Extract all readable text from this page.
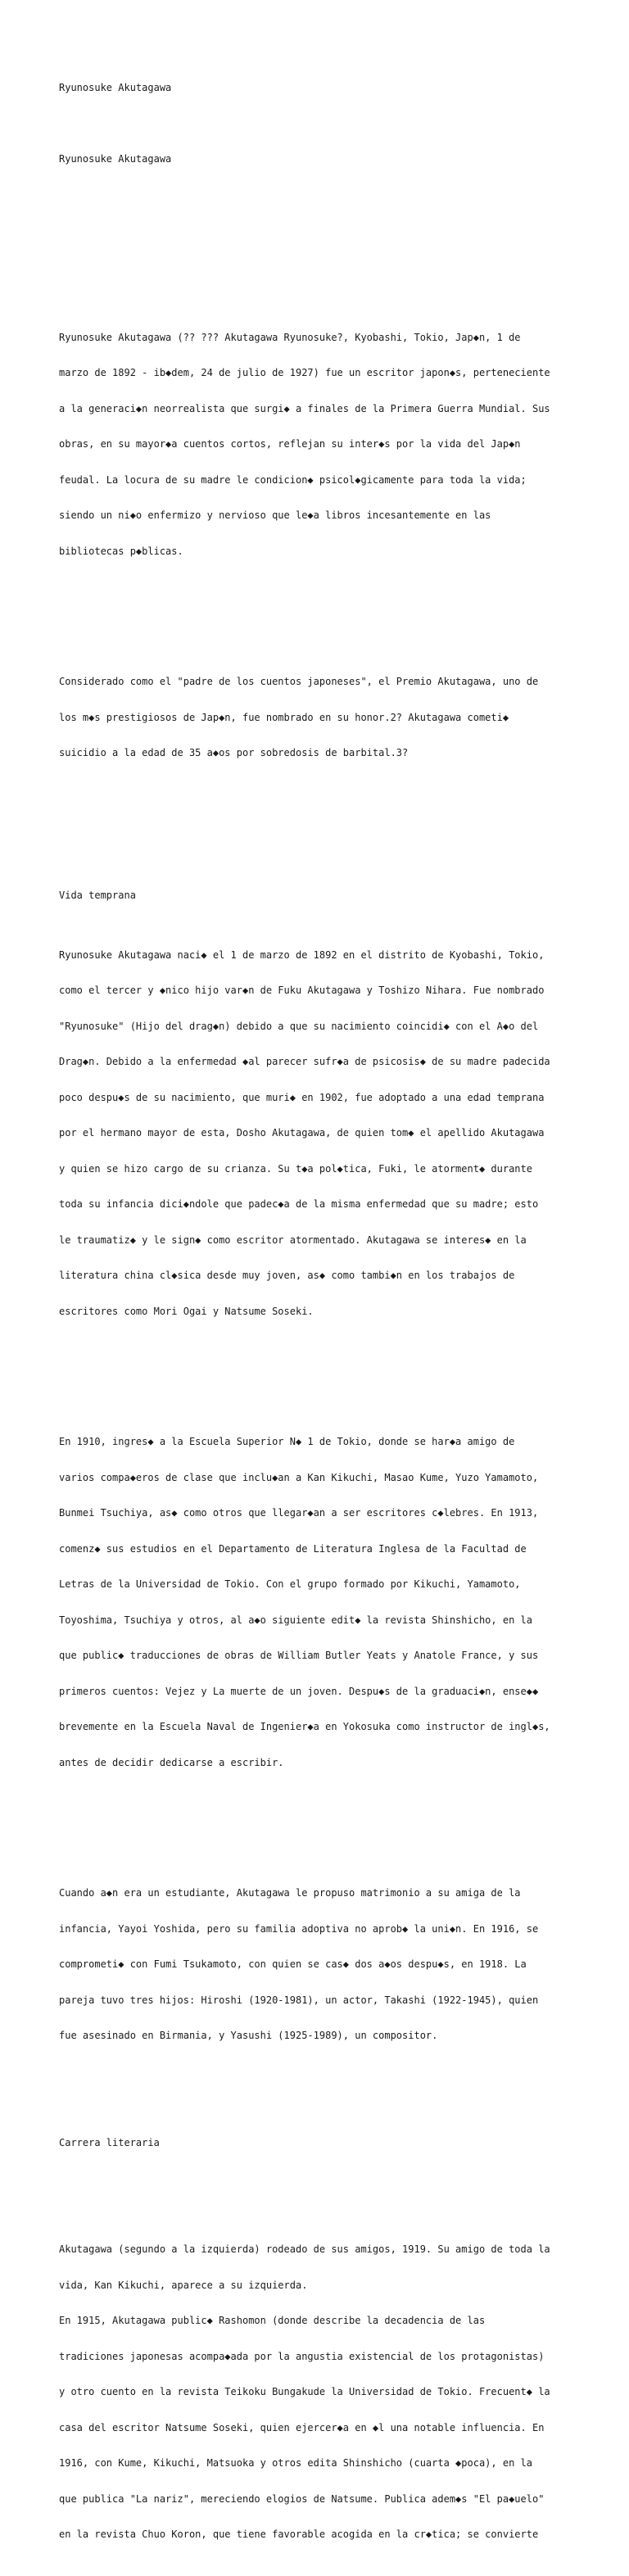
Ryunosuke Akutagawa

Ryunosuke Akutagawa

Ryunosuke Akutagawa (?? ??? Akutagawa Ryunosuke?, Kyobashi, Tokio, Jap◆n, 1 de

marzo de 1892 - ib◆dem, 24 de julio de 1927) fue un escritor japon◆s, perteneciente

a la generaci◆n neorrealista que surgi◆ a finales de la Primera Guerra Mundial. Sus

obras, en su mayor◆a cuentos cortos, reflejan su inter◆s por la vida del Jap◆n

feudal. La locura de su madre le condicion◆ psicol◆gicamente para toda la vida;

siendo un ni◆o enfermizo y nervioso que le◆a libros incesantemente en las

bibliotecas p◆blicas.

Considerado como el "padre de los cuentos japoneses", el Premio Akutagawa, uno de

los m◆s prestigiosos de Jap◆n, fue nombrado en su honor.2? Akutagawa cometi◆

suicidio a la edad de 35 a◆os por sobredosis de barbital.3?

Vida temprana

Ryunosuke Akutagawa naci◆ el 1 de marzo de 1892 en el distrito de Kyobashi, Tokio,

como el tercer y ◆nico hijo var◆n de Fuku Akutagawa y Toshizo Nihara. Fue nombrado

"Ryunosuke" (Hijo del drag◆n) debido a que su nacimiento coincidi◆ con el A◆o del

Drag◆n. Debido a la enfermedad ◆al parecer sufr◆a de psicosis◆ de su madre padecida

poco despu◆s de su nacimiento, que muri◆ en 1902, fue adoptado a una edad temprana

por el hermano mayor de esta, Dosho Akutagawa, de quien tom◆ el apellido Akutagawa

y quien se hizo cargo de su crianza. Su t◆a pol◆tica, Fuki, le atorment◆ durante

toda su infancia dici◆ndole que padec◆a de la misma enfermedad que su madre; esto

le traumatiz◆ y le sign◆ como escritor atormentado. Akutagawa se interes◆ en la

literatura china cl◆sica desde muy joven, as◆ como tambi◆n en los trabajos de

escritores como Mori Ogai y Natsume Soseki.

En 1910, ingres◆ a la Escuela Superior N◆ 1 de Tokio, donde se har◆a amigo de

varios compa◆eros de clase que inclu◆an a Kan Kikuchi, Masao Kume, Yuzo Yamamoto,

Bunmei Tsuchiya, as◆ como otros que llegar◆an a ser escritores c◆lebres. En 1913,

comenz◆ sus estudios en el Departamento de Literatura Inglesa de la Facultad de

Letras de la Universidad de Tokio. Con el grupo formado por Kikuchi, Yamamoto,

Toyoshima, Tsuchiya y otros, al a◆o siguiente edit◆ la revista Shinshicho, en la

que public◆ traducciones de obras de William Butler Yeats y Anatole France, y sus

primeros cuentos: Vejez y La muerte de un joven. Despu◆s de la graduaci◆n, ense◆◆

brevemente en la Escuela Naval de Ingenier◆a en Yokosuka como instructor de ingl◆s,

antes de decidir dedicarse a escribir.

Cuando a◆n era un estudiante, Akutagawa le propuso matrimonio a su amiga de la

infancia, Yayoi Yoshida, pero su familia adoptiva no aprob◆ la uni◆n. En 1916, se

comprometi◆ con Fumi Tsukamoto, con quien se cas◆ dos a◆os despu◆s, en 1918. La

pareja tuvo tres hijos: Hiroshi (1920-1981), un actor, Takashi (1922-1945), quien

fue asesinado en Birmania, y Yasushi (1925-1989), un compositor.

Carrera literaria

Akutagawa (segundo a la izquierda) rodeado de sus amigos, 1919. Su amigo de toda la

vida, Kan Kikuchi, aparece a su izquierda.

En 1915, Akutagawa public◆ Rashomon (donde describe la decadencia de las

tradiciones japonesas acompa◆ada por la angustia existencial de los protagonistas)

y otro cuento en la revista Teikoku Bungakude la Universidad de Tokio. Frecuent◆ la

casa del escritor Natsume Soseki, quien ejercer◆a en ◆l una notable influencia. En

1916, con Kume, Kikuchi, Matsuoka y otros edita Shinshicho (cuarta ◆poca), en la

que publica "La nariz", mereciendo elogios de Natsume. Publica adem◆s "El pa◆uelo"

en la revista Chuo Koron, que tiene favorable acogida en la cr◆tica; se convierte
